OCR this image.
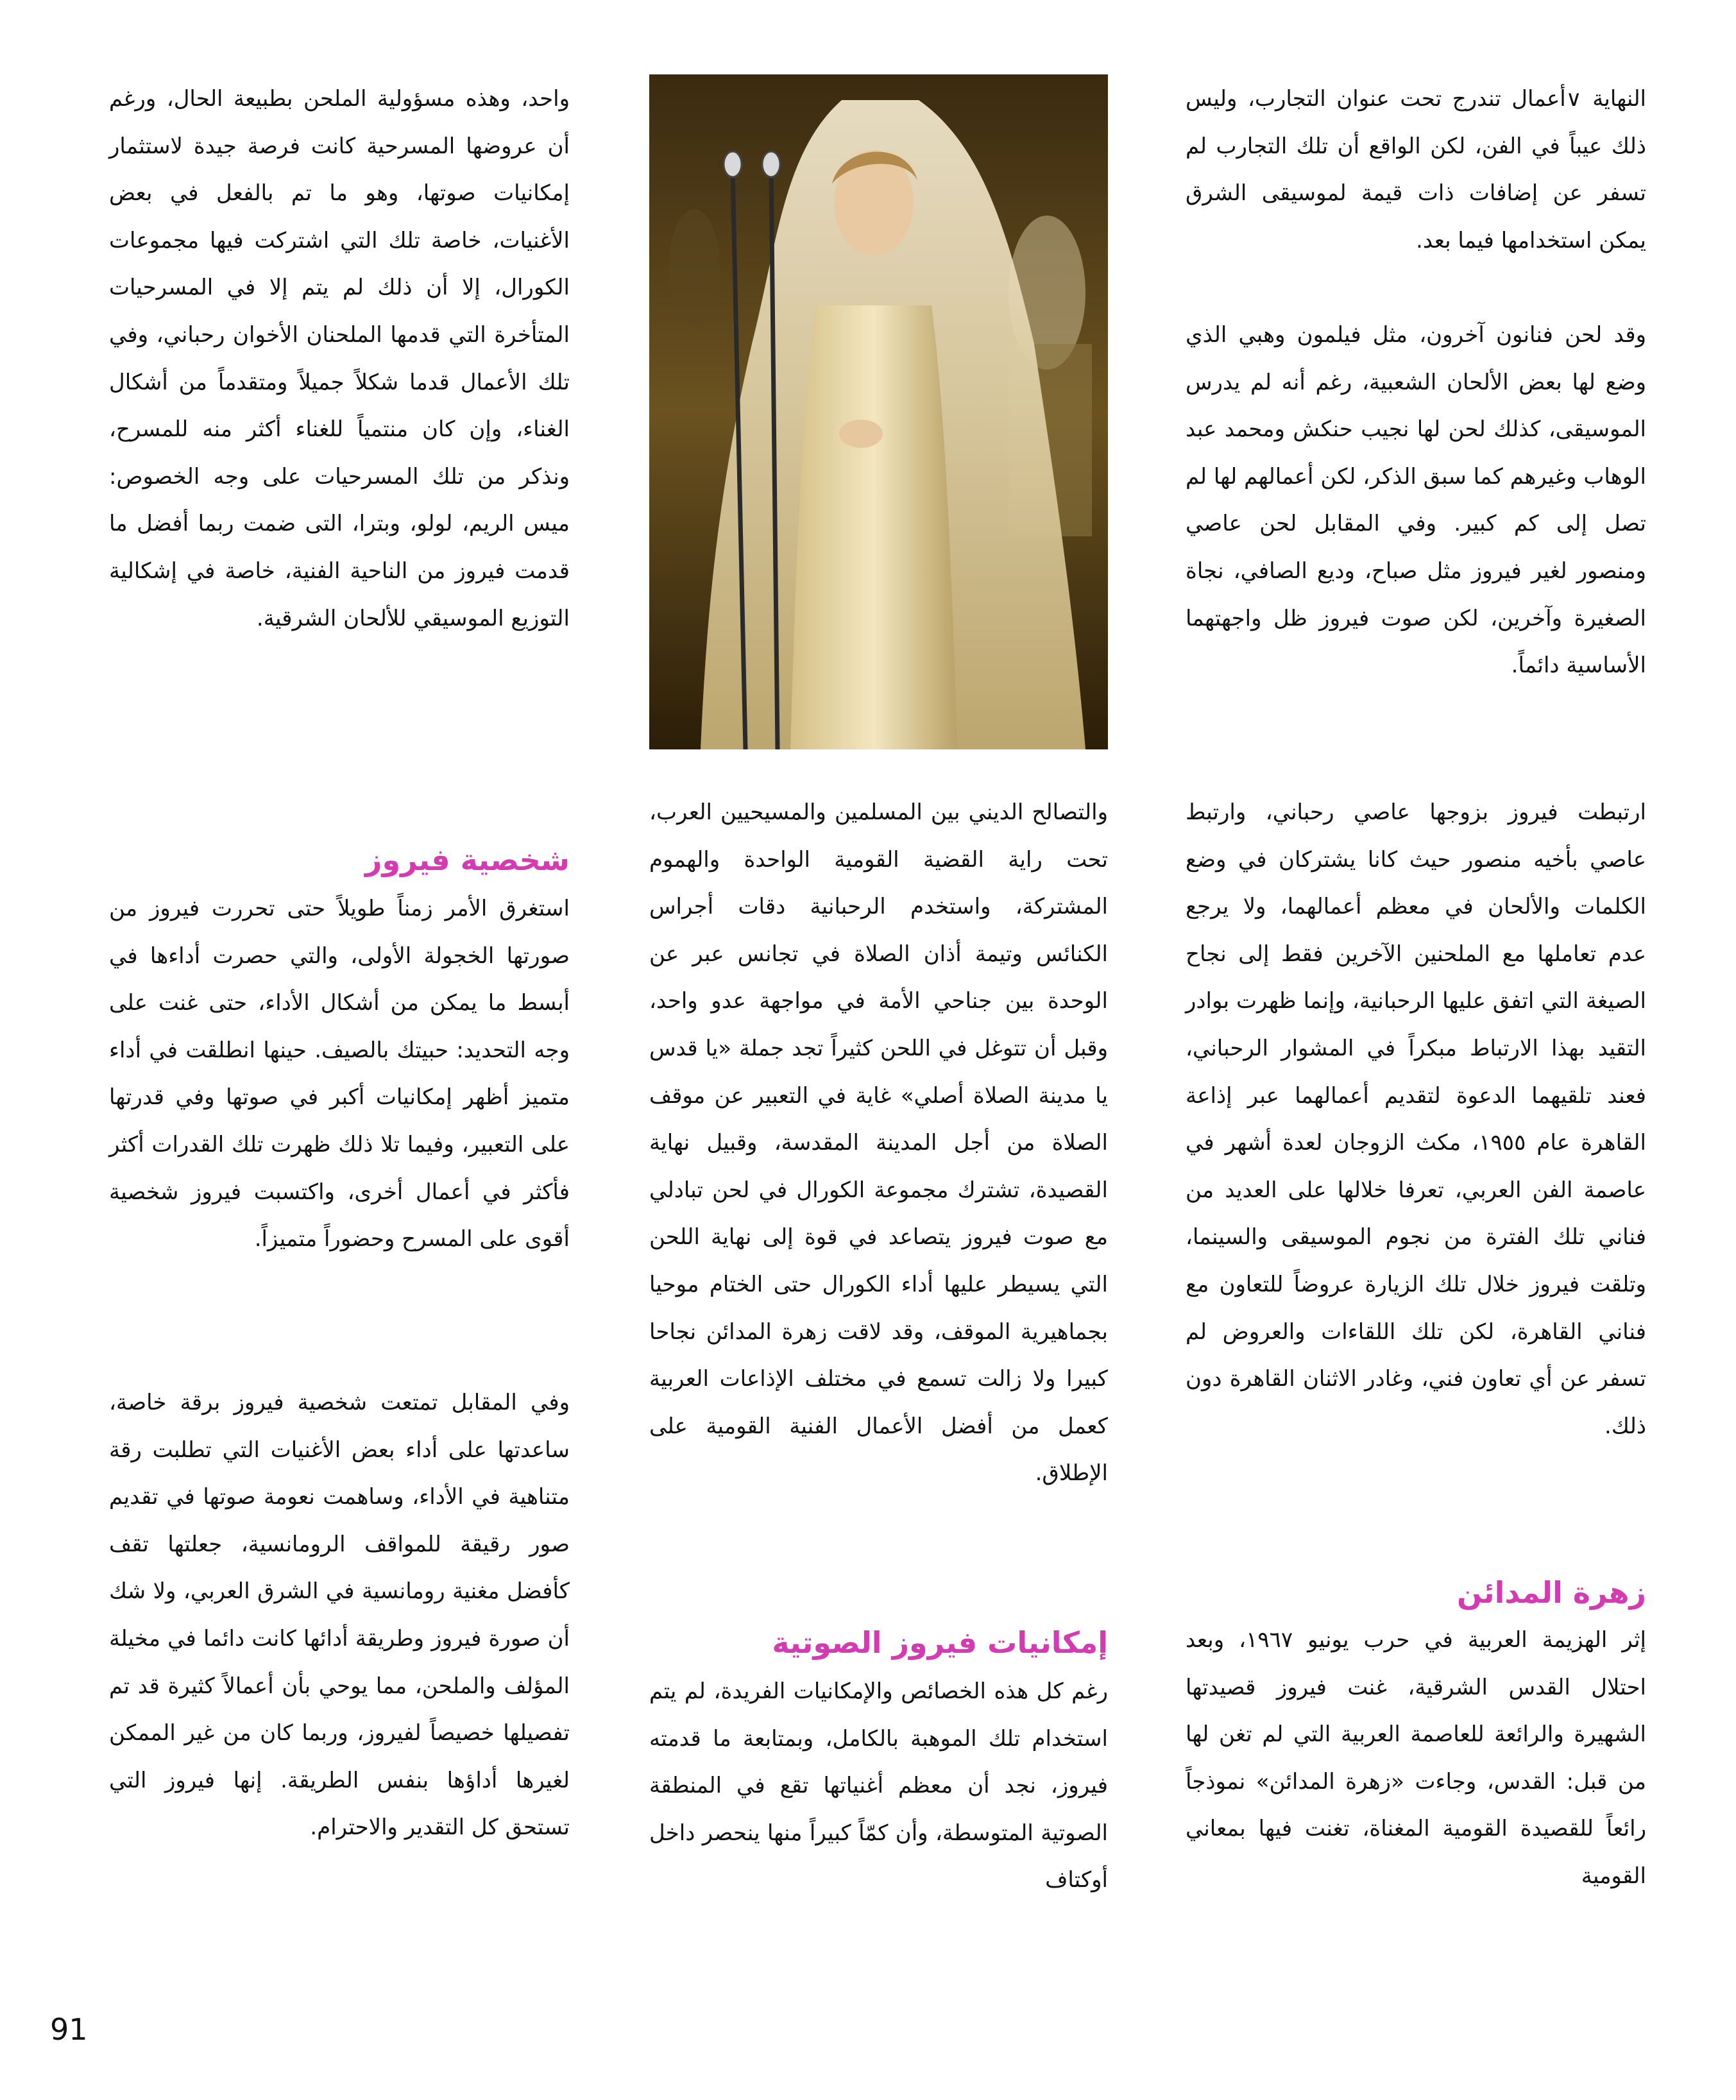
النهاية ∨أعمال تندرج تحت عنوان التجارب، وليس ذلك عيباً في الفن، لكن الواقع أن تلك التجارب لم تسفر عن إضافات ذات قيمة لموسيقى الشرق يمكن استخدامها فيما بعد.

وقد لحن فنانون آخرون، مثل فيلمون وهبي الذي وضع لها بعض الألحان الشعبية، رغم أنه لم يدرس الموسيقى، كذلك لحن لها نجيب حنكش ومحمد عبد الوهاب وغيرهم كما سبق الذكر، لكن أعمالهم لها لم تصل إلى كم كبير. وفي المقابل لحن عاصي ومنصور لغير فيروز مثل صباح، وديع الصافي، نجاة الصغيرة وآخرين، لكن صوت فيروز ظل واجهتهما الأساسية دائماً.

ارتبطت فيروز بزوجها عاصي رحباني، وارتبط عاصي بأخيه منصور حيث كانا يشتركان في وضع الكلمات والألحان في معظم أعمالهما، ولا يرجع عدم تعاملها مع الملحنين الآخرين فقط إلى نجاح الصيغة التي اتفق عليها الرحبانية، وإنما ظهرت بوادر التقيد بهذا الارتباط مبكراً في المشوار الرحباني، فعند تلقيهما الدعوة لتقديم أعمالهما عبر إذاعة القاهرة عام ١٩٥٥، مكث الزوجان لعدة أشهر في عاصمة الفن العربي، تعرفا خلالها على العديد من فناني تلك الفترة من نجوم الموسيقى والسينما، وتلقت فيروز خلال تلك الزيارة عروضاً للتعاون مع فناني القاهرة، لكن تلك اللقاءات والعروض لم تسفر عن أي تعاون فني، وغادر الاثنان القاهرة دون ذلك.

زهرة المدائن

إثر الهزيمة العربية في حرب يونيو ١٩٦٧، وبعد احتلال القدس الشرقية، غنت فيروز قصيدتها الشهيرة والرائعة للعاصمة العربية التي لم تغن لها من قبل: القدس، وجاءت «زهرة المدائن» نموذجاً رائعاً للقصيدة القومية المغناة، تغنت فيها بمعاني القومية

والتصالح الديني بين المسلمين والمسيحيين العرب، تحت راية القضية القومية الواحدة والهموم المشتركة، واستخدم الرحبانية دقات أجراس الكنائس وتيمة أذان الصلاة في تجانس عبر عن الوحدة بين جناحي الأمة في مواجهة عدو واحد، وقبل أن تتوغل في اللحن كثيراً تجد جملة «يا قدس يا مدينة الصلاة أصلي» غاية في التعبير عن موقف الصلاة من أجل المدينة المقدسة، وقبيل نهاية القصيدة، تشترك مجموعة الكورال في لحن تبادلي مع صوت فيروز يتصاعد في قوة إلى نهاية اللحن التي يسيطر عليها أداء الكورال حتى الختام موحيا بجماهيرية الموقف، وقد لاقت زهرة المدائن نجاحا كبيرا ولا زالت تسمع في مختلف الإذاعات العربية كعمل من أفضل الأعمال الفنية القومية على الإطلاق.

إمكانيات فيروز الصوتية

رغم كل هذه الخصائص والإمكانيات الفريدة، لم يتم استخدام تلك الموهبة بالكامل، وبمتابعة ما قدمته فيروز، نجد أن معظم أغنياتها تقع في المنطقة الصوتية المتوسطة، وأن كمّاً كبيراً منها ينحصر داخل أوكتاف

واحد، وهذه مسؤولية الملحن بطبيعة الحال، ورغم أن عروضها المسرحية كانت فرصة جيدة لاستثمار إمكانيات صوتها، وهو ما تم بالفعل في بعض الأغنيات، خاصة تلك التي اشتركت فيها مجموعات الكورال، إلا أن ذلك لم يتم إلا في المسرحيات المتأخرة التي قدمها الملحنان الأخوان رحباني، وفي تلك الأعمال قدما شكلاً جميلاً ومتقدماً من أشكال الغناء، وإن كان منتمياً للغناء أكثر منه للمسرح، ونذكر من تلك المسرحيات على وجه الخصوص: ميس الريم، لولو، وبترا، التى ضمت ربما أفضل ما قدمت فيروز من الناحية الفنية، خاصة في إشكالية التوزيع الموسيقي للألحان الشرقية.

شخصية فيروز

استغرق الأمر زمناً طويلاً حتى تحررت فيروز من صورتها الخجولة الأولى، والتي حصرت أداءها في أبسط ما يمكن من أشكال الأداء، حتى غنت على وجه التحديد: حبيتك بالصيف. حينها انطلقت في أداء متميز أظهر إمكانيات أكبر في صوتها وفي قدرتها على التعبير، وفيما تلا ذلك ظهرت تلك القدرات أكثر فأكثر في أعمال أخرى، واكتسبت فيروز شخصية أقوى على المسرح وحضوراً متميزاً.

وفي المقابل تمتعت شخصية فيروز برقة خاصة، ساعدتها على أداء بعض الأغنيات التي تطلبت رقة متناهية في الأداء، وساهمت نعومة صوتها في تقديم صور رقيقة للمواقف الرومانسية، جعلتها تقف كأفضل مغنية رومانسية في الشرق العربي، ولا شك أن صورة فيروز وطريقة أدائها كانت دائما في مخيلة المؤلف والملحن، مما يوحي بأن أعمالاً كثيرة قد تم تفصيلها خصيصاً لفيروز، وربما كان من غير الممكن لغيرها أداؤها بنفس الطريقة. إنها فيروز التي تستحق كل التقدير والاحترام.

91
